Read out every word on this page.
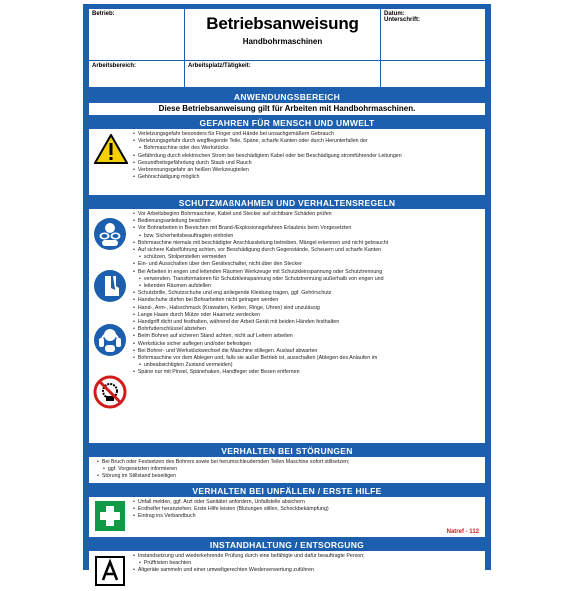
Betrieb:	Betriebsanweisung
Handbohrmaschinen
Datum:
Unterschrift:
Arbeitsbereich:	Arbeitsplatz/Tätigkeit:
ANWENDUNGSBEREICH
Diese Betriebsanweisung gilt für Arbeiten mit Handbohrmaschinen.
GEFAHREN FÜR MENSCH UND UMWELT
• Verletzungsgefahr besonders für Finger und Hände bei unsachgemäßem Gebrauch
• Verletzungsgefahr durch wegfliegende Teile, Späne, scharfe Kanten oder durch Herunterfallen der
• Bohrmaschine oder des Werkstücks
• Gefährdung durch elektrischen Strom bei beschädigtem Kabel oder bei Beschädigung stromführender Leitungen
• Gesundheitsgefährdung durch Staub und Rauch
• Verbrennungsgefahr an heißen Werkzeugteilen
• Gehörschädigung möglich
SCHUTZMAßNAHMEN UND VERHALTENSREGELN
• Vor Arbeitsbeginn Bohrmaschine, Kabel und Stecker auf sichtbare Schäden prüfen
• Bedienungsanleitung beachten
• Vor Bohrarbeiten in Bereichen mit Brand-/Explosionsgefahren Erlaubnis beim Vorgesetzten
• bzw. Sicherheitsbeauftragten einholen
• Bohrmaschine niemals mit beschädigter Anschlussleitung betreiben, Mängel erkennen und nicht gebraucht
• Auf sichere Kabelführung achten, vor Beschädigung durch Gegenstände, Scheuern und scharfe Kanten
• schützen, Stolperstellen vermeiden
• Ein- und Ausschalten über den Geräteschalter, nicht über den Stecker
• Bei Arbeiten in engen und leitenden Räumen Werkzeuge mit Schutzkleinspannung oder Schutztrennung
• verwenden. Transformatoren für Schutzkleinspannung oder Schutztrennung außerhalb von engen und
• leitenden Räumen aufstellen
• Schutzbrille, Schutzschuhe und eng anliegende Kleidung tragen, ggf. Gehörschutz
• Handschuhe dürfen bei Bohrarbeiten nicht getragen werden
• Hand-, Arm-, Halsschmuck (Krawatten, Ketten, Ringe, Uhren) sind unzulässig
• Lange Haare durch Mütze oder Haarnetz verdecken
• Handgriff dicht und festhalten, während der Arbeit Gerät mit beiden Händen festhalten
• Bohrfutterschlüssel abziehen
• Beim Bohren auf sicheren Stand achten, nicht auf Leitern arbeiten
• Werkstücke sicher auflegen und/oder befestigen
• Bei Bohrer- und Werkstückwechsel die Maschine stillegen. Auslauf abwarten
• Bohrmaschine vor dem Ablegen und, falls sie außer Betrieb ist, ausschalten (Ablegen des Anlaufen im
• unbeabsichtigten Zustand vermeiden)
• Späne nur mit Pinsel, Spänehaken, Handfeger oder Besen entfernen
VERHALTEN BEI STÖRUNGEN
• Bei Bruch oder Festsetzen des Bohrers sowie bei herumschleudernden Teilen Maschine sofort stillsetzen;
• ggf. Vorgesetzten informieren
• Störung im Stillstand beseitigen
VERHALTEN BEI UNFÄLLEN / ERSTE HILFE
• Unfall melden, ggf. Arzt oder Sanitäter anfordern, Unfallstelle absichern
• Ersthelfer heranziehen. Erste Hilfe leisten (Blutungen stillen, Schockbekämpfung)
• Eintrag ins Verbandbuch
Natref - 112
INSTANDHALTUNG / ENTSORGUNG
• Instandsetzung und wiederkehrende Prüfung durch eine befähigte und dafür beauftragte Person;
• Prüffristen beachten
• Altgeräte sammeln und einer umweltgerechten Wiederverwertung zuführen
